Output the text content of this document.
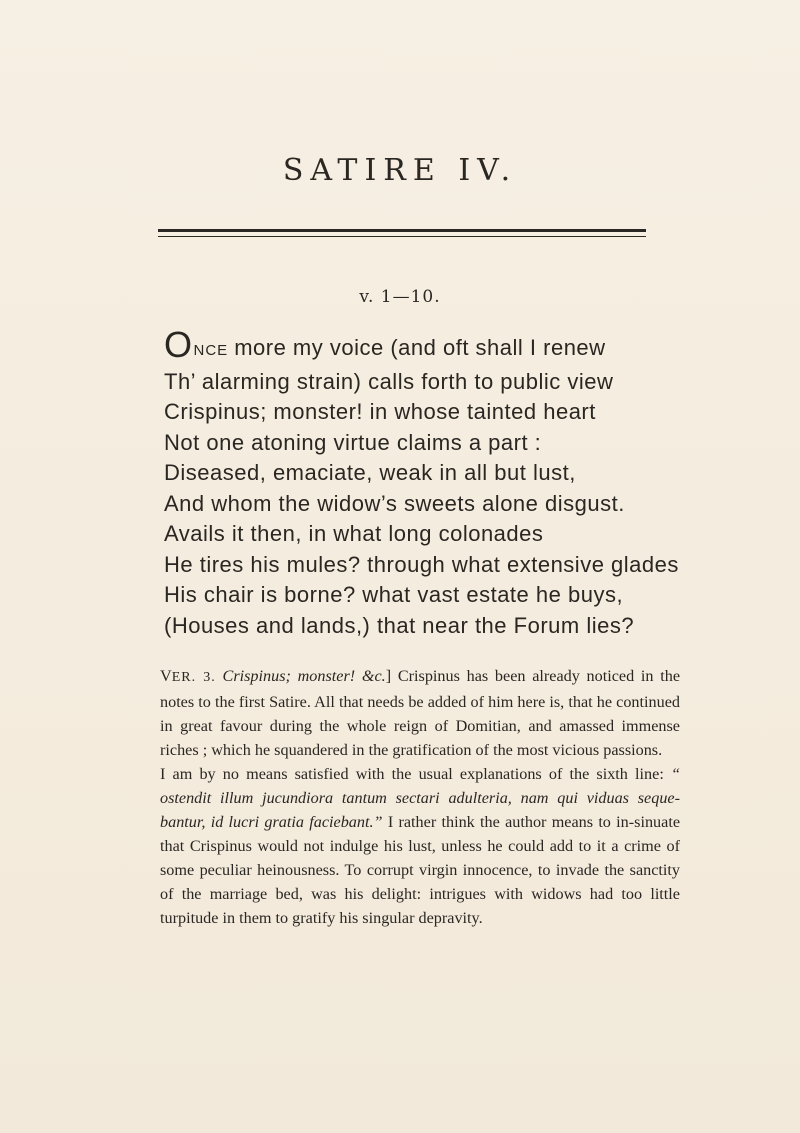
SATIRE IV.
v. 1—10.
ONCE more my voice (and oft shall I renew
Th’ alarming strain) calls forth to public view
Crispinus; monster! in whose tainted heart
Not one atoning virtue claims a part :
Diseased, emaciate, weak in all but lust,
And whom the widow’s sweets alone disgust.
Avails it then, in what long colonades
He tires his mules? through what extensive glades
His chair is borne? what vast estate he buys,
(Houses and lands,) that near the Forum lies?

VER. 3. Crispinus; monster! &c.] Crispinus has been already noticed in the notes to the first Satire. All that needs be added of him here is, that he continued in great favour during the whole reign of Domitian, and amassed immense riches ; which he squandered in the gratification of the most vicious passions.

I am by no means satisfied with the usual explanations of the sixth line: “ ostendit illum jucundiora tantum sectari adulteria, nam qui viduas seque-bantur, id lucri gratia faciebant.” I rather think the author means to in-sinuate that Crispinus would not indulge his lust, unless he could add to it a crime of some peculiar heinousness. To corrupt virgin innocence, to invade the sanctity of the marriage bed, was his delight: intrigues with widows had too little turpitude in them to gratify his singular depravity.
